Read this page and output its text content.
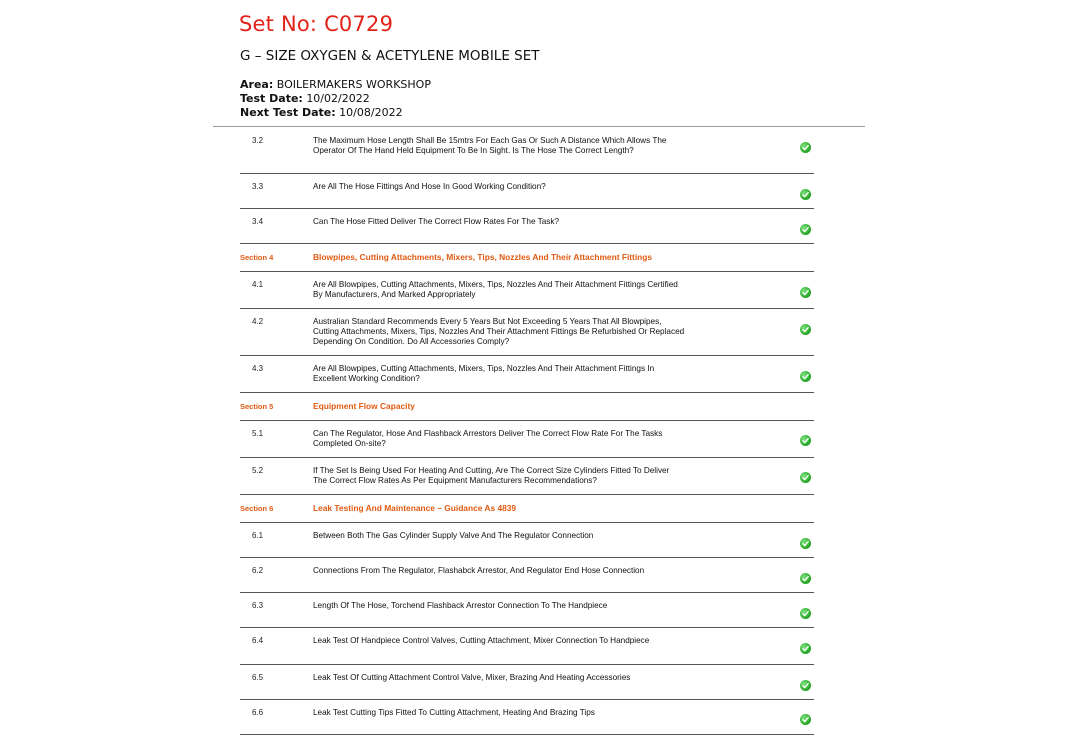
Set No: C0729
G – SIZE OXYGEN & ACETYLENE MOBILE SET
Area: BOILERMAKERS WORKSHOP
Test Date: 10/02/2022
Next Test Date: 10/08/2022
3.2	The Maximum Hose Length Shall Be 15mtrs For Each Gas Or Such A Distance Which Allows The Operator Of The Hand Held Equipment To Be In Sight. Is The Hose The Correct Length?
3.3	Are All The Hose Fittings And Hose In Good Working Condition?
3.4	Can The Hose Fitted Deliver The Correct Flow Rates For The Task?
Section 4	Blowpipes, Cutting Attachments, Mixers, Tips, Nozzles And Their Attachment Fittings
4.1	Are All Blowpipes, Cutting Attachments, Mixers, Tips, Nozzles And Their Attachment Fittings Certified By Manufacturers, And Marked Appropriately
4.2	Australian Standard Recommends Every 5 Years But Not Exceeding 5 Years That All Blowpipes, Cutting Attachments, Mixers, Tips, Nozzles And Their Attachment Fittings Be Refurbished Or Replaced Depending On Condition. Do All Accessories Comply?
4.3	Are All Blowpipes, Cutting Attachments, Mixers, Tips, Nozzles And Their Attachment Fittings In Excellent Working Condition?
Section 5	Equipment Flow Capacity
5.1	Can The Regulator, Hose And Flashback Arrestors Deliver The Correct Flow Rate For The Tasks Completed On-site?
5.2	If The Set Is Being Used For Heating And Cutting, Are The Correct Size Cylinders Fitted To Deliver The Correct Flow Rates As Per Equipment Manufacturers Recommendations?
Section 6	Leak Testing And Maintenance – Guidance As 4839
6.1	Between Both The Gas Cylinder Supply Valve And The Regulator Connection
6.2	Connections From The Regulator, Flashabck Arrestor, And Regulator End Hose Connection
6.3	Length Of The Hose, Torchend Flashback Arrestor Connection To The Handpiece
6.4	Leak Test Of Handpiece Control Valves, Cutting Attachment, Mixer Connection To Handpiece
6.5	Leak Test Of Cutting Attachment Control Valve, Mixer, Brazing And Heating Accessories
6.6	Leak Test Cutting Tips Fitted To Cutting Attachment, Heating And Brazing Tips
